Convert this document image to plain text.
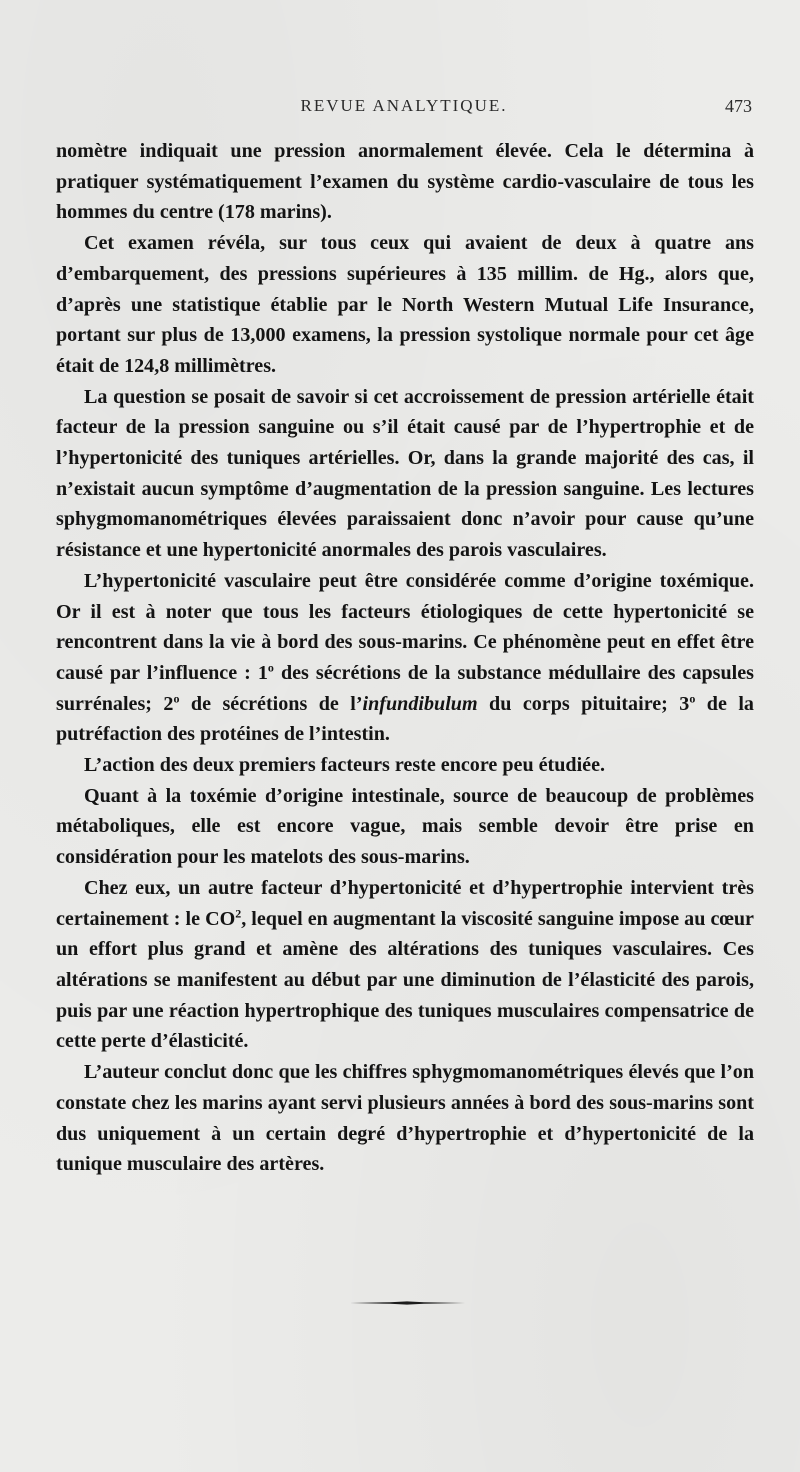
REVUE ANALYTIQUE.	473

nomètre indiquait une pression anormalement élevée. Cela le détermina à pratiquer systématiquement l’examen du système cardio-vasculaire de tous les hommes du centre (178 marins).

Cet examen révéla, sur tous ceux qui avaient de deux à quatre ans d’embarquement, des pressions supérieures à 135 millim. de Hg., alors que, d’après une statistique établie par le North Western Mutual Life Insurance, portant sur plus de 13,000 examens, la pression systolique normale pour cet âge était de 124,8 millimètres.

La question se posait de savoir si cet accroissement de pression artérielle était facteur de la pression sanguine ou s’il était causé par de l’hypertrophie et de l’hypertonicité des tuniques artérielles. Or, dans la grande majorité des cas, il n’existait aucun symptôme d’augmentation de la pression sanguine. Les lectures sphygmomanométriques élevées paraissaient donc n’avoir pour cause qu’une résistance et une hypertonicité anormales des parois vasculaires.

L’hypertonicité vasculaire peut être considérée comme d’origine toxémique. Or il est à noter que tous les facteurs étiologiques de cette hypertonicité se rencontrent dans la vie à bord des sous-marins. Ce phénomène peut en effet être causé par l’influence : 1$^o$ des sécrétions de la substance médullaire des capsules surrénales; 2$^o$ de sécrétions de l’infundibulum du corps pituitaire; 3$^o$ de la putréfaction des protéines de l’intestin.

L’action des deux premiers facteurs reste encore peu étudiée.

Quant à la toxémie d’origine intestinale, source de beaucoup de problèmes métaboliques, elle est encore vague, mais semble devoir être prise en considération pour les matelots des sous-marins.

Chez eux, un autre facteur d’hypertonicité et d’hypertrophie intervient très certainement : le $CO^2$, lequel en augmentant la viscosité sanguine impose au cœur un effort plus grand et amène des altérations des tuniques vasculaires. Ces altérations se manifestent au début par une diminution de l’élasticité des parois, puis par une réaction hypertrophique des tuniques musculaires compensatrice de cette perte d’élasticité.

L’auteur conclut donc que les chiffres sphygmomanométriques élevés que l’on constate chez les marins ayant servi plusieurs années à bord des sous-marins sont dus uniquement à un certain degré d’hypertrophie et d’hypertonicité de la tunique musculaire des artères.
